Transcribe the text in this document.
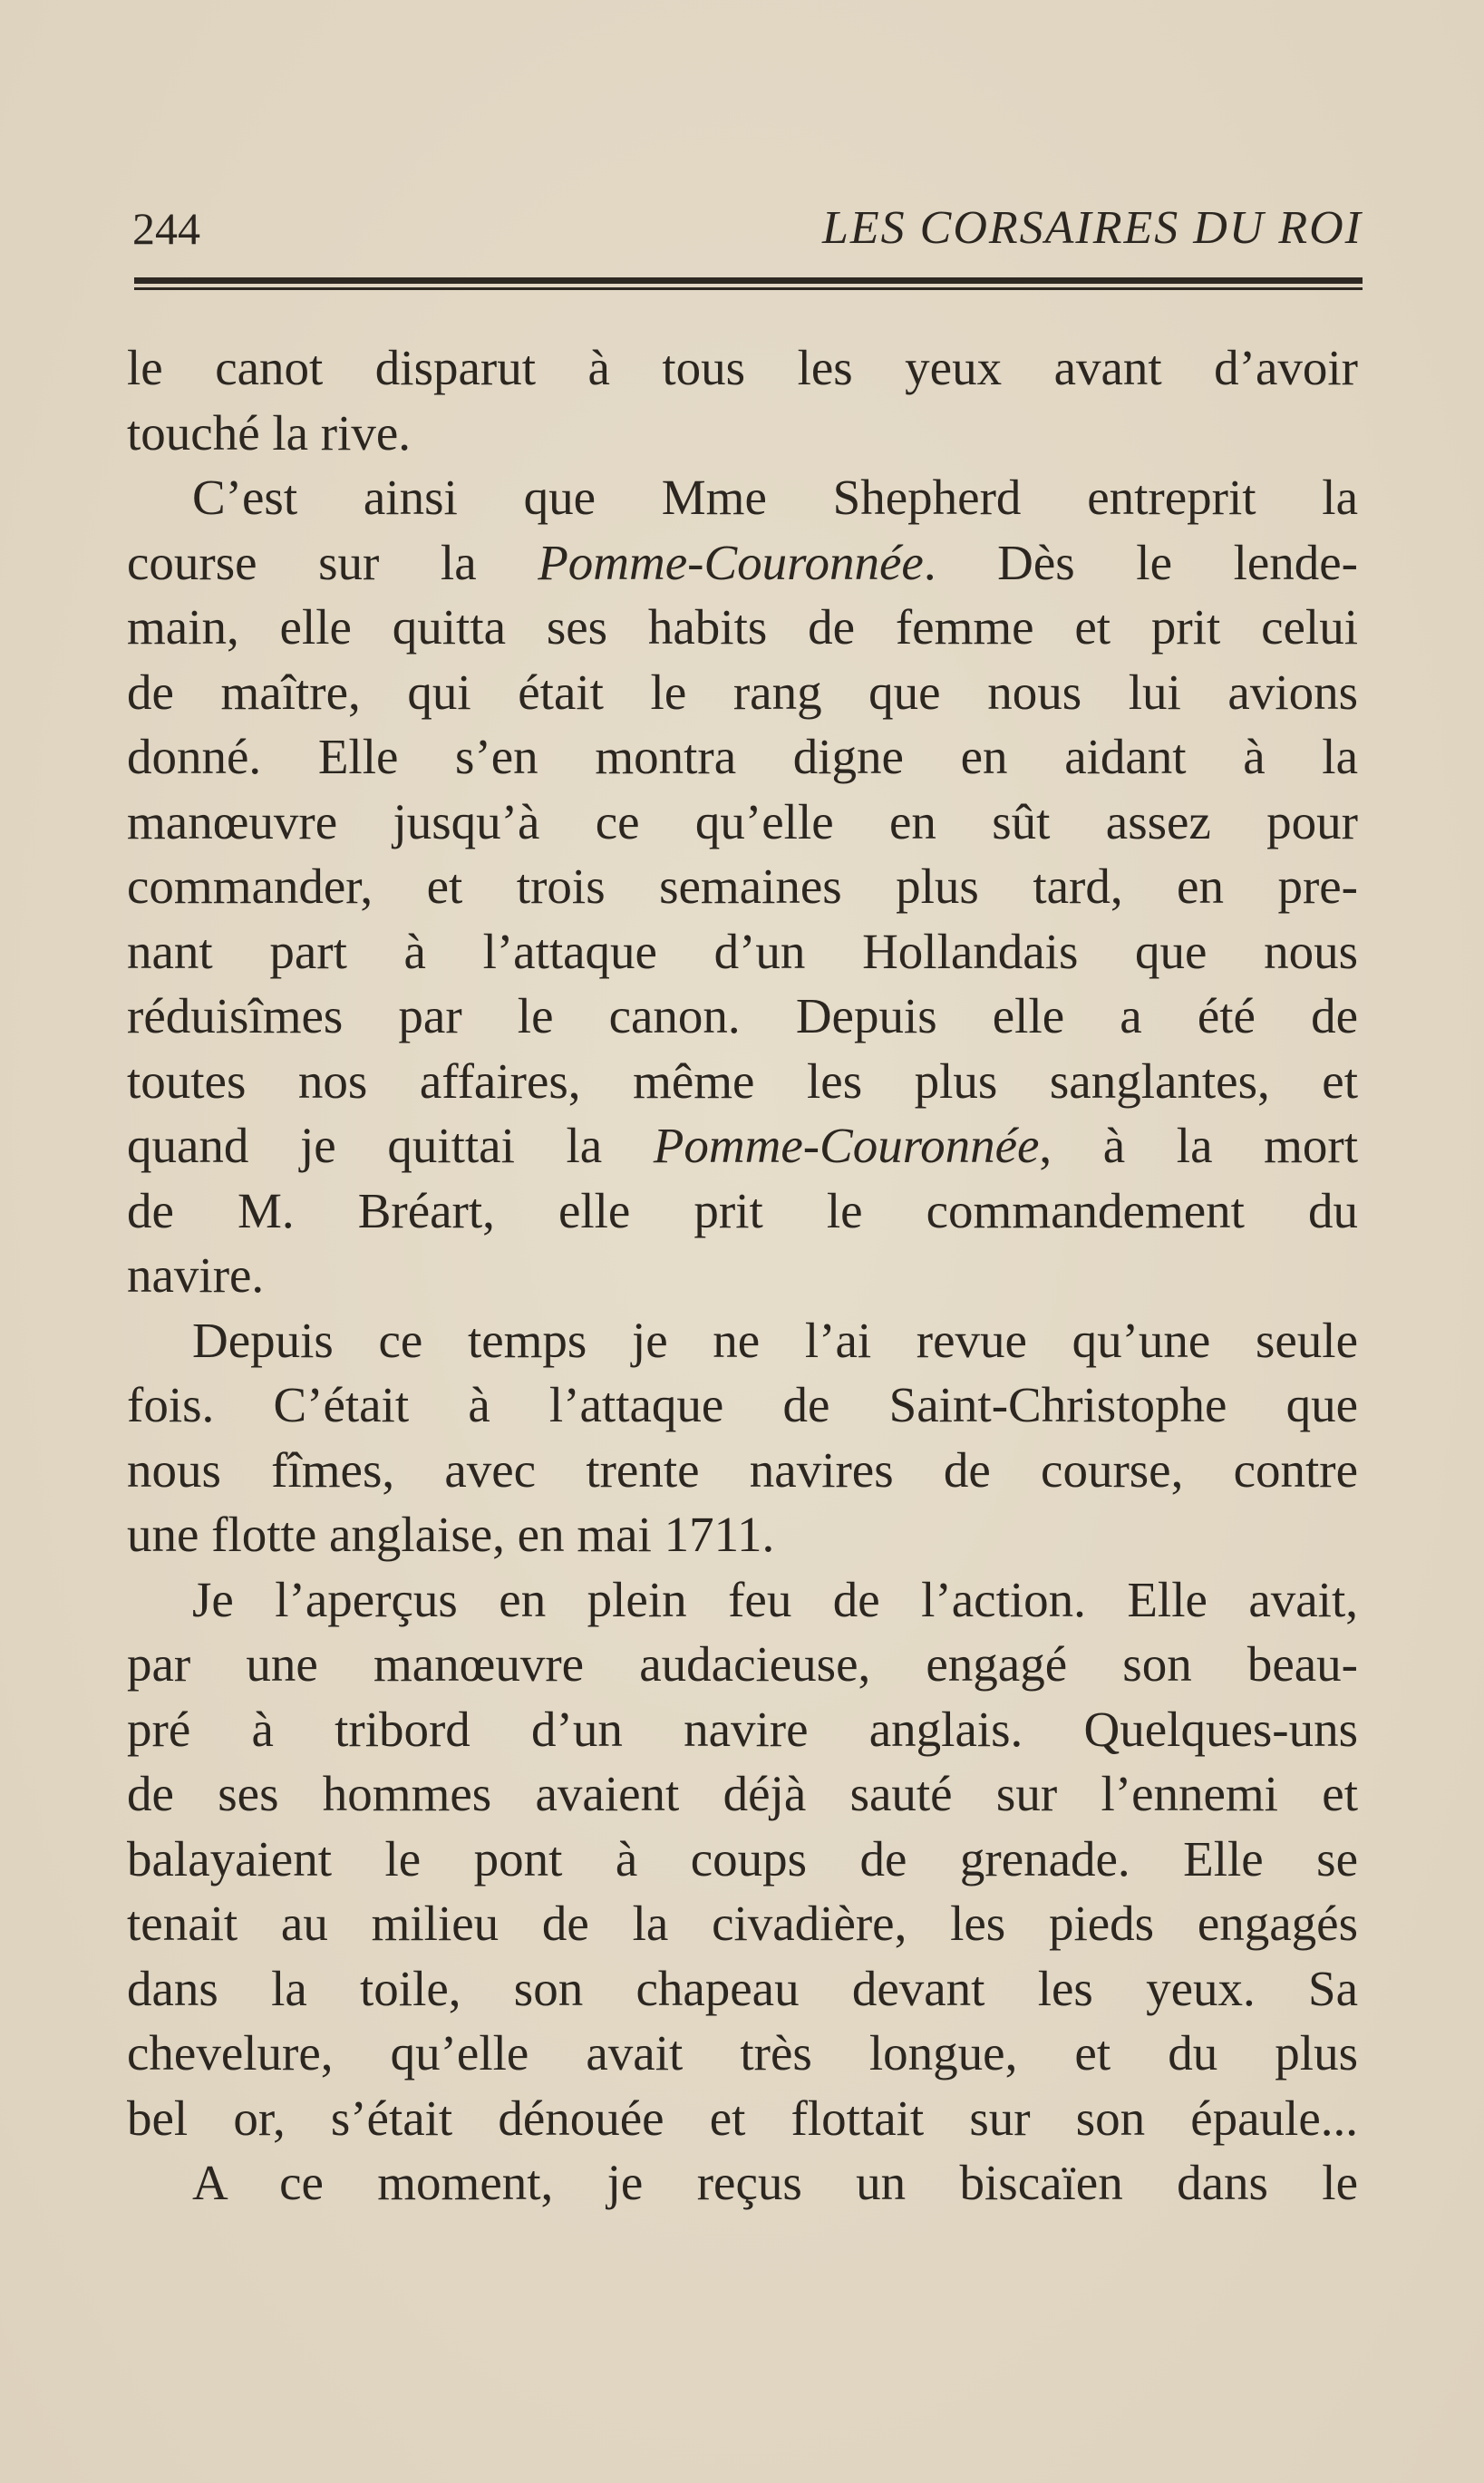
244	LES CORSAIRES DU ROI
le canot disparut à tous les yeux avant d’avoir
touché la rive.
C’est ainsi que Mme Shepherd entreprit la
course sur la Pomme-Couronnée. Dès le lende-
main, elle quitta ses habits de femme et prit celui
de maître, qui était le rang que nous lui avions
donné. Elle s’en montra digne en aidant à la
manœuvre jusqu’à ce qu’elle en sût assez pour
commander, et trois semaines plus tard, en pre-
nant part à l’attaque d’un Hollandais que nous
réduisîmes par le canon. Depuis elle a été de
toutes nos affaires, même les plus sanglantes, et
quand je quittai la Pomme-Couronnée, à la mort
de M. Bréart, elle prit le commandement du
navire.
Depuis ce temps je ne l’ai revue qu’une seule
fois. C’était à l’attaque de Saint-Christophe que
nous fîmes, avec trente navires de course, contre
une flotte anglaise, en mai 1711.
Je l’aperçus en plein feu de l’action. Elle avait,
par une manœuvre audacieuse, engagé son beau-
pré à tribord d’un navire anglais. Quelques-uns
de ses hommes avaient déjà sauté sur l’ennemi et
balayaient le pont à coups de grenade. Elle se
tenait au milieu de la civadière, les pieds engagés
dans la toile, son chapeau devant les yeux. Sa
chevelure, qu’elle avait très longue, et du plus
bel or, s’était dénouée et flottait sur son épaule...
A ce moment, je reçus un biscaïen dans le
